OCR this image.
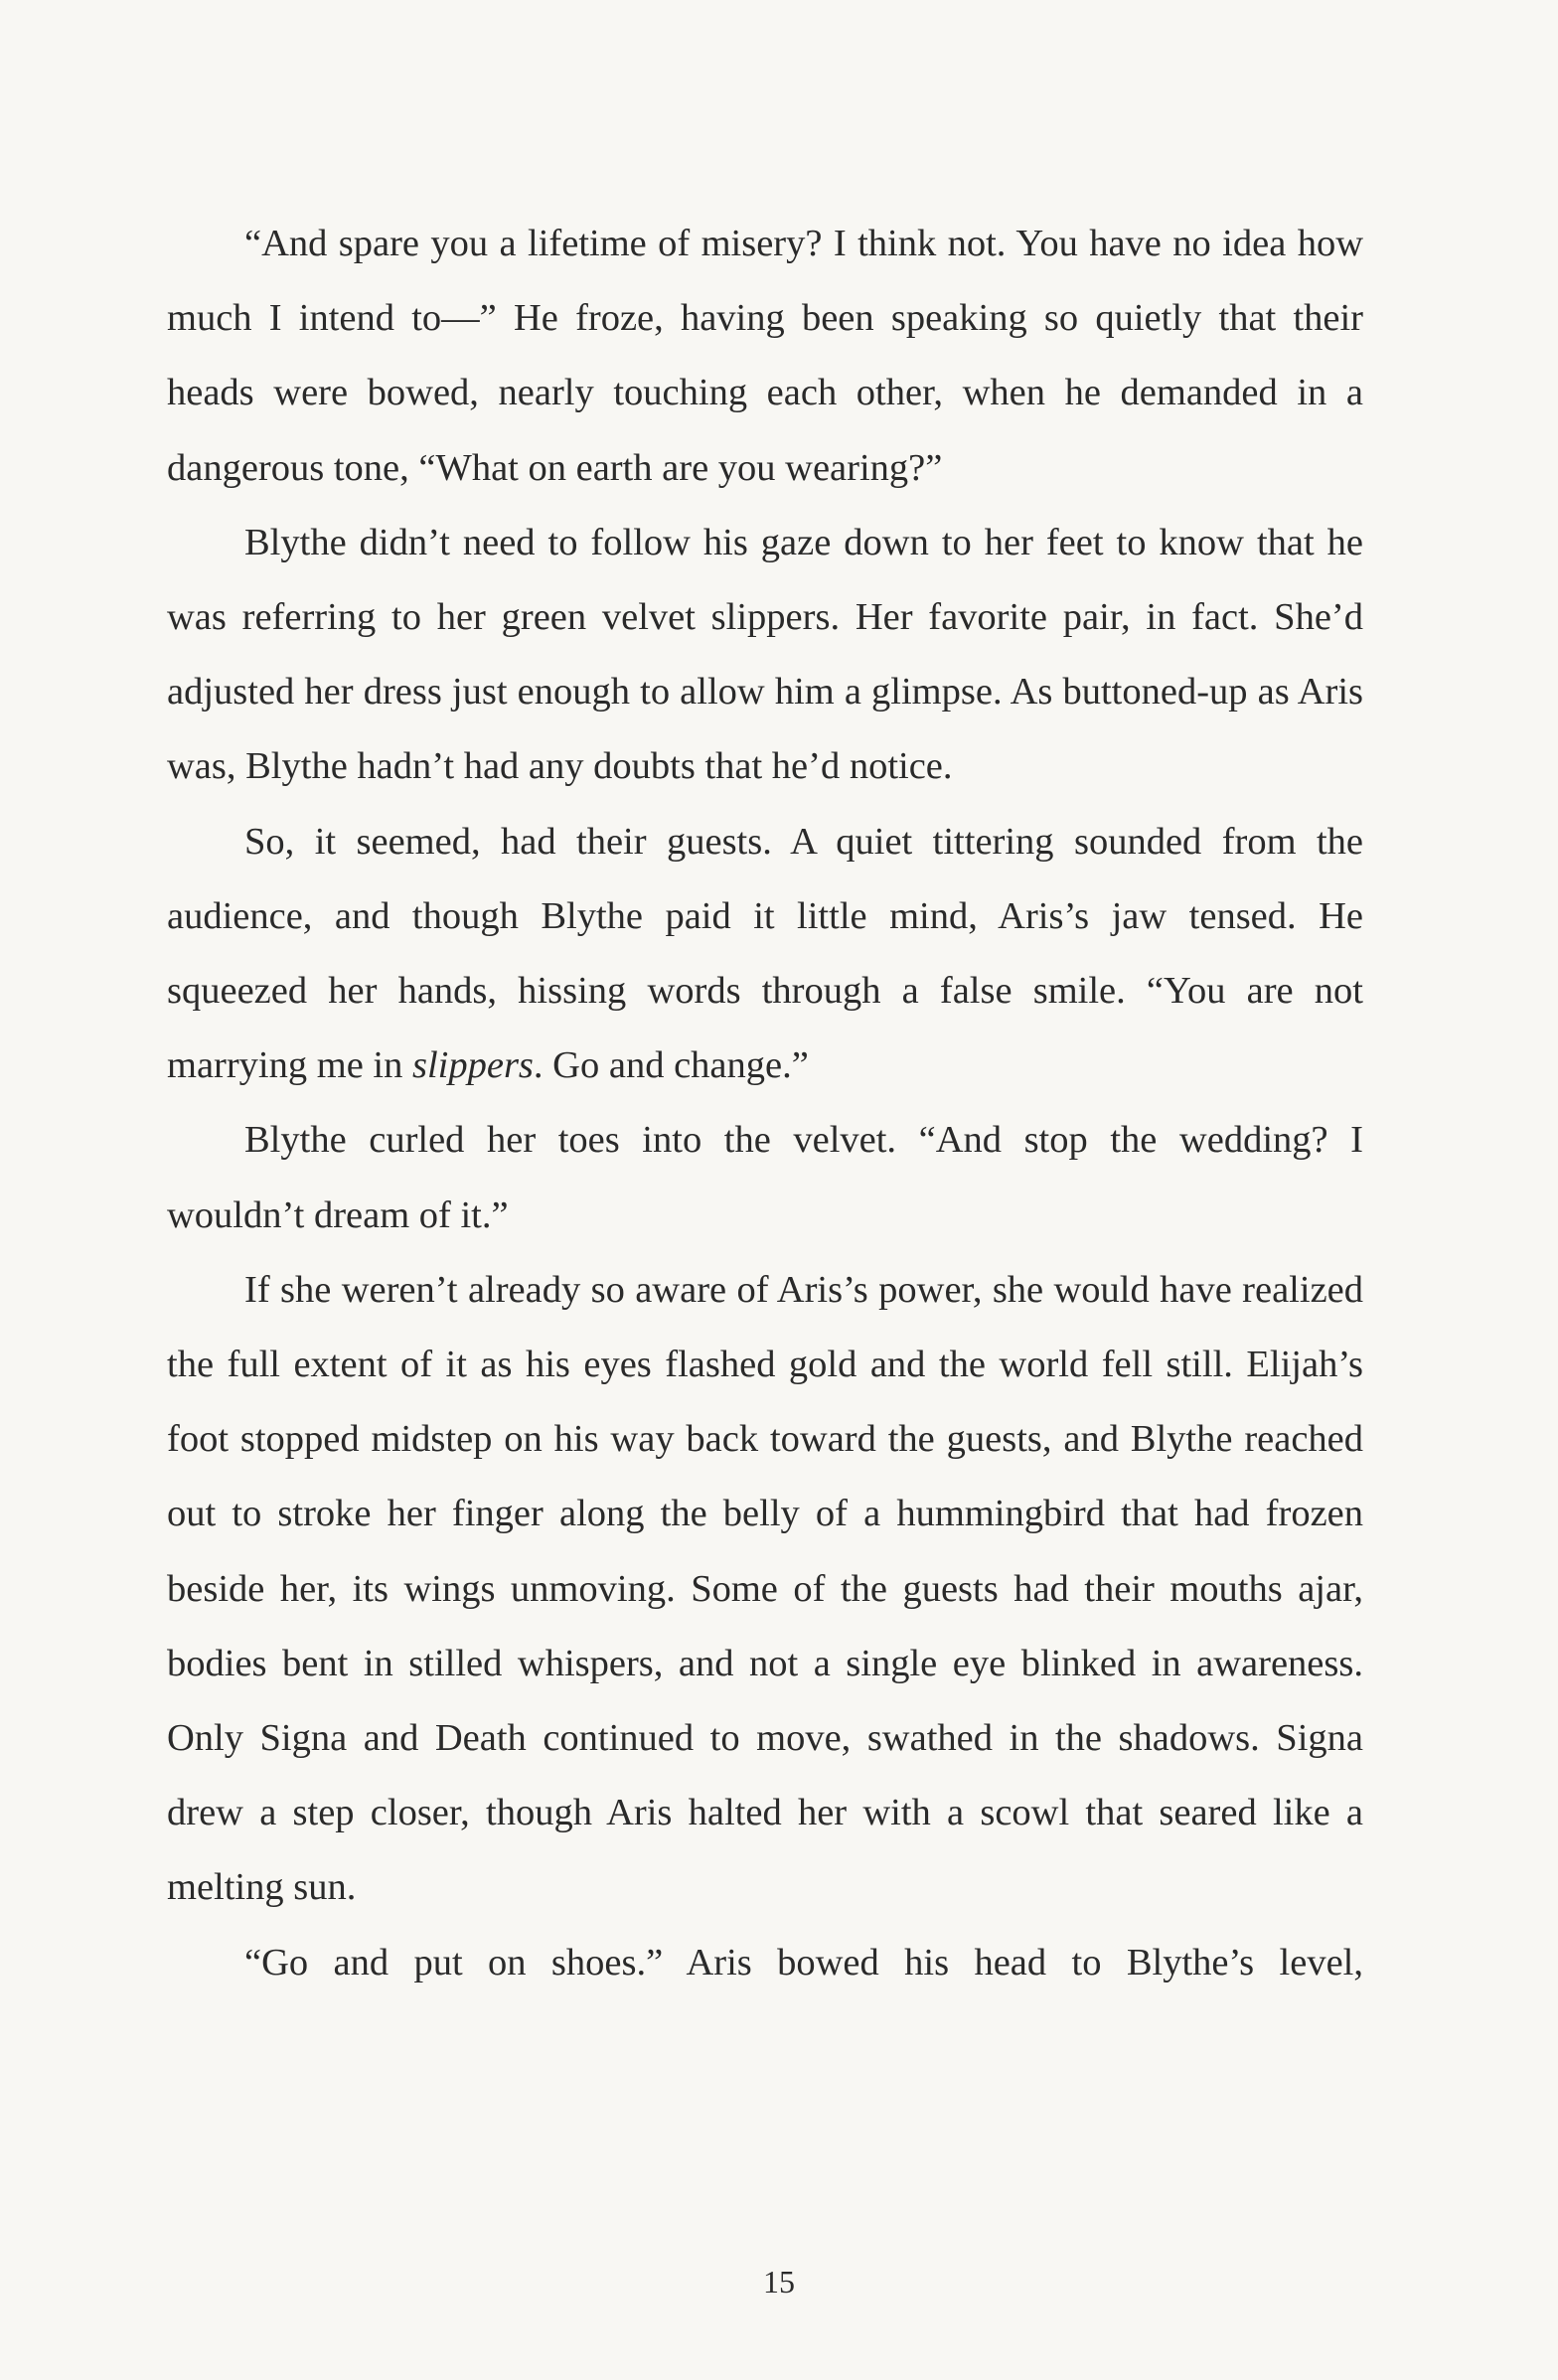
“And spare you a lifetime of misery? I think not. You have no idea how much I intend to—” He froze, having been speaking so quietly that their heads were bowed, nearly touching each other, when he demanded in a dangerous tone, “What on earth are you wearing?”

Blythe didn’t need to follow his gaze down to her feet to know that he was referring to her green velvet slippers. Her favorite pair, in fact. She’d adjusted her dress just enough to allow him a glimpse. As buttoned-up as Aris was, Blythe hadn’t had any doubts that he’d notice.

So, it seemed, had their guests. A quiet tittering sounded from the audience, and though Blythe paid it little mind, Aris’s jaw tensed. He squeezed her hands, hissing words through a false smile. “You are not marrying me in slippers. Go and change.”

Blythe curled her toes into the velvet. “And stop the wedding? I wouldn’t dream of it.”

If she weren’t already so aware of Aris’s power, she would have realized the full extent of it as his eyes flashed gold and the world fell still. Elijah’s foot stopped midstep on his way back toward the guests, and Blythe reached out to stroke her finger along the belly of a hummingbird that had frozen beside her, its wings unmoving. Some of the guests had their mouths ajar, bodies bent in stilled whispers, and not a single eye blinked in awareness. Only Signa and Death continued to move, swathed in the shadows. Signa drew a step closer, though Aris halted her with a scowl that seared like a melting sun.

“Go and put on shoes.” Aris bowed his head to Blythe’s level,

15
